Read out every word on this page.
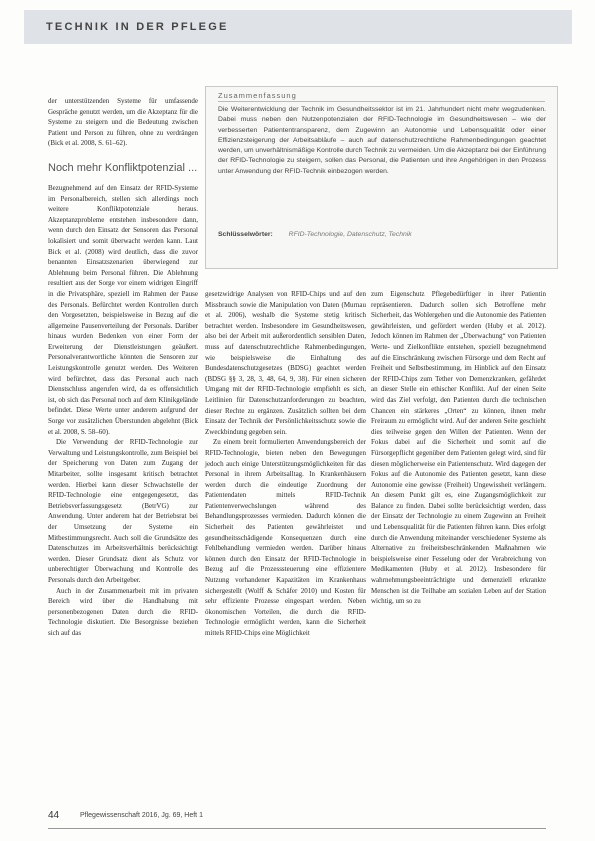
TECHNIK IN DER PFLEGE

der unterstützenden Systeme für umfassende Gespräche genutzt werden, um die Akzeptanz für die Systeme zu steigern und die Bedeutung zwischen Patient und Person zu führen, ohne zu verdrängen (Bick et al. 2008, S. 61–62).

Noch mehr Konfliktpotenzial ...

Bezugnehmend auf den Einsatz der RFID-Systeme im Personalbereich, stellen sich allerdings noch weitere Konfliktpotenziale heraus. Akzeptanzprobleme entstehen insbesondere dann, wenn durch den Einsatz der Sensoren das Personal lokalisiert und somit überwacht werden kann. Laut Bick et al. (2008) wird deutlich, dass die zuvor benannten Einsatzszenarien überwiegend zur Ablehnung beim Personal führen. Die Ablehnung resultiert aus der Sorge vor einem widrigen Eingriff in die Privatsphäre, speziell im Rahmen der Pause des Personals. Befürchtet werden Kontrollen durch den Vorgesetzten, beispielsweise in Bezug auf die allgemeine Pausenverteilung der Personals. Darüber hinaus wurden Bedenken von einer Form der Erweiterung der Dienstleistungen geäußert. Personalverantwortliche könnten die Sensoren zur Leistungskontrolle genutzt werden. Des Weiteren wird befürchtet, dass das Personal auch nach Dienstschluss angerufen wird, da es offensichtlich ist, ob sich das Personal noch auf dem Klinikgelände befindet. Diese Werte unter anderem aufgrund der Sorge vor zusätzlichen Überstunden abgelehnt (Bick et al. 2008, S. 58–60).

Die Verwendung der RFID-Technologie zur Verwaltung und Leistungskontrolle, zum Beispiel bei der Speicherung von Daten zum Zugang der Mitarbeiter, sollte insgesamt kritisch betrachtet werden. Hierbei kann dieser Schwachstelle der RFID-Technologie eine entgegengesetzt, das Betriebsverfassungsgesetz (BetrVG) zur Anwendung. Unter anderem hat der Betriebsrat bei der Umsetzung der Systeme ein Mitbestimmungsrecht. Auch soll die Grundsätze des Datenschutzes im Arbeitsverhältnis berücksichtigt werden. Dieser Grundsatz dient als Schutz vor unberechtigter Überwachung und Kontrolle des Personals durch den Arbeitgeber.

Auch in der Zusammenarbeit mit im privaten Bereich wird über die Handhabung mit personenbezogenen Daten durch die RFID-Technologie diskutiert. Die Besorgnisse beziehen sich auf das

Zusammenfassung
Die Weiterentwicklung der Technik im Gesundheitssektor ist im 21. Jahrhundert nicht mehr wegzudenken. Dabei muss neben den Nutzenpotenzialen der RFID-Technologie im Gesundheitswesen – wie der verbesserten Patiententransparenz, dem Zugewinn an Autonomie und Lebensqualität oder einer Effizienzsteigerung der Arbeitsabläufe – auch auf datenschutzrechtliche Rahmenbedingungen geachtet werden, um unverhältnismäßige Kontrolle durch Technik zu vermeiden. Um die Akzeptanz bei der Einführung der RFID-Technologie zu steigern, sollen das Personal, die Patienten und ihre Angehörigen in den Prozess unter Anwendung der RFID-Technik einbezogen werden.
Schlüsselwörter: RFID-Technologie, Datenschutz, Technik

gesetzwidrige Analysen von RFID-Chips und auf den Missbrauch sowie die Manipulation von Daten (Murnau et al. 2006), weshalb die Systeme stetig kritisch betrachtet werden. Insbesondere im Gesundheitswesen, also bei der Arbeit mit außerordentlich sensiblen Daten, muss auf datenschutzrechtliche Rahmenbedingungen, wie beispielsweise die Einhaltung des Bundesdatenschutzgesetzes (BDSG) geachtet werden (BDSG §§ 3, 28, 3, 48, 64, 9, 38). Für einen sicheren Umgang mit der RFID-Technologie empfiehlt es sich, Leitlinien für Datenschutzanforderungen zu beachten, dieser Rechte zu ergänzen. Zusätzlich sollten bei dem Einsatz der Technik der Persönlichkeitsschutz sowie die Zweckbindung gegeben sein.

Zu einem breit formulierten Anwendungsbereich der RFID-Technologie, bieten neben den Bewegungen jedoch auch einige Unterstützungsmöglichkeiten für das Personal in ihrem Arbeitsalltag. In Krankenhäusern werden durch die eindeutige Zuordnung der Patientendaten mittels RFID-Technik Patientenverwechslungen während des Behandlungsprozesses vermieden. Dadurch können die Sicherheit des Patienten gewährleistet und gesundheitsschädigende Konsequenzen durch eine Fehlbehandlung vermieden werden. Darüber hinaus können durch den Einsatz der RFID-Technologie in Bezug auf die Prozesssteuerung eine effizientere Nutzung vorhandener Kapazitäten im Krankenhaus sichergestellt (Wolff & Schäfer 2010) und Kosten für sehr effiziente Prozesse eingespart werden. Neben ökonomischen Vorteilen, die durch die RFID-Technologie ermöglicht werden, kann die Sicherheit mittels RFID-Chips eine Möglichkeit

zum Eigenschutz Pflegebedürftiger in ihrer Patientin repräsentieren. Dadurch sollen sich Betroffene mehr Sicherheit, das Wohlergehen und die Autonomie des Patienten gewährleisten, und gefördert werden (Huby et al. 2012). Jedoch können im Rahmen der „Überwachung“ von Patienten Werte- und Zielkonflikte entstehen, speziell bezugnehmend auf die Einschränkung zwischen Fürsorge und dem Recht auf Freiheit und Selbstbestimmung, im Hinblick auf den Einsatz der RFID-Chips zum Tether von Demenzkranken, gefährdet an dieser Stelle ein ethischer Konflikt. Auf der einen Seite wird das Ziel verfolgt, den Patienten durch die technischen Chancen ein stärkeres „Orten“ zu können, ihnen mehr Freiraum zu ermöglicht wird. Auf der anderen Seite geschieht dies teilweise gegen den Willen der Patienten. Wenn der Fokus dabei auf die Sicherheit und somit auf die Fürsorgepflicht gegenüber dem Patienten gelegt wird, sind für diesen möglicherweise ein Patientenschutz. Wird dagegen der Fokus auf die Autonomie des Patienten gesetzt, kann diese Autonomie eine gewisse (Freiheit) Ungewissheit verlängern. An diesem Punkt gilt es, eine Zugangsmöglichkeit zur Balance zu finden. Dabei sollte berücksichtigt werden, dass der Einsatz der Technologie zu einem Zugewinn an Freiheit und Lebensqualität für die Patienten führen kann. Dies erfolgt durch die Anwendung miteinander verschiedener Systeme als Alternative zu freiheitsbeschränkenden Maßnahmen wie beispielsweise einer Fesselung oder der Verabreichung von Medikamenten (Huby et al. 2012). Insbesondere für wahrnehmungsbeeinträchtigte und demenziell erkrankte Menschen ist die Teilhabe am sozialen Leben auf der Station wichtig, um so zu

44	Pflegewissenschaft 2016, Jg. 69, Heft 1
